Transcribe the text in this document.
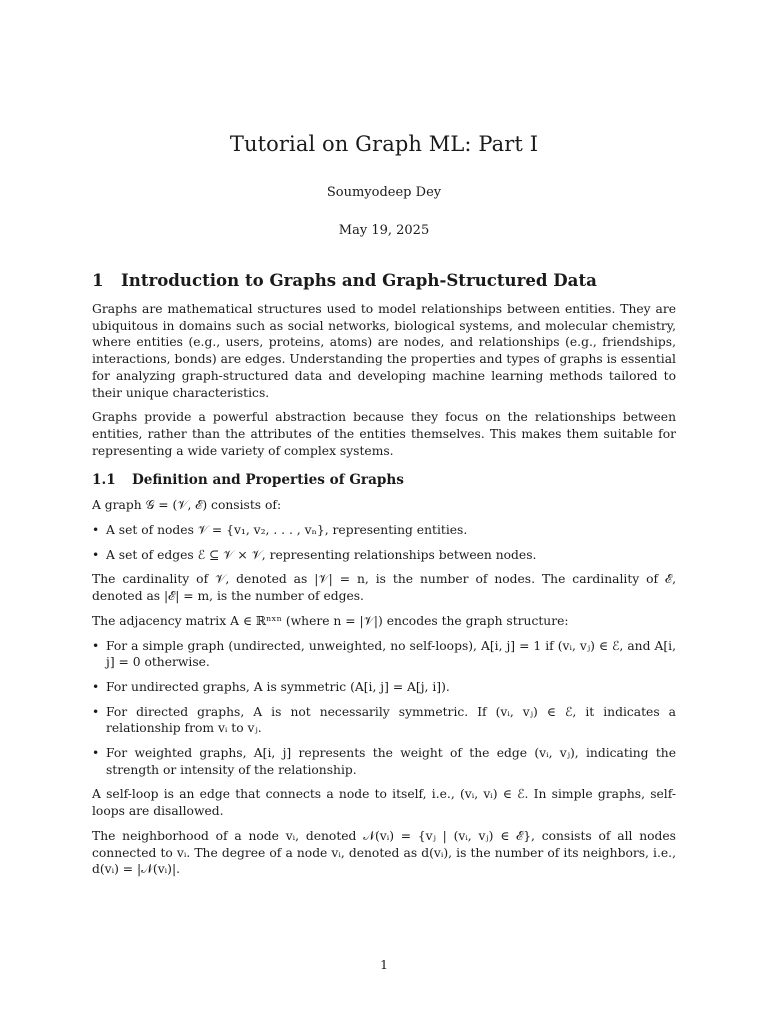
Tutorial on Graph ML: Part I
Soumyodeep Dey
May 19, 2025
1 Introduction to Graphs and Graph-Structured Data

Graphs are mathematical structures used to model relationships between entities. They are ubiquitous in domains such as social networks, biological systems, and molecular chemistry, where entities (e.g., users, proteins, atoms) are nodes, and relationships (e.g., friendships, interactions, bonds) are edges. Understanding the properties and types of graphs is essential for analyzing graph-structured data and developing machine learning methods tailored to their unique characteristics.

Graphs provide a powerful abstraction because they focus on the relationships between entities, rather than the attributes of the entities themselves. This makes them suitable for representing a wide variety of complex systems.

1.1 Definition and Properties of Graphs

A graph 𝒢 = (𝒱, ℰ) consists of:

• A set of nodes 𝒱 = {v₁, v₂, . . . , vₙ}, representing entities.
• A set of edges ℰ ⊆ 𝒱 × 𝒱, representing relationships between nodes.

The cardinality of 𝒱, denoted as |𝒱| = n, is the number of nodes. The cardinality of ℰ, denoted as |ℰ| = m, is the number of edges.

The adjacency matrix A ∈ ℝⁿˣⁿ (where n = |𝒱|) encodes the graph structure:

• For a simple graph (undirected, unweighted, no self-loops), A[i, j] = 1 if (vᵢ, vⱼ) ∈ ℰ, and A[i, j] = 0 otherwise.
• For undirected graphs, A is symmetric (A[i, j] = A[j, i]).
• For directed graphs, A is not necessarily symmetric. If (vᵢ, vⱼ) ∈ ℰ, it indicates a relationship from vᵢ to vⱼ.
• For weighted graphs, A[i, j] represents the weight of the edge (vᵢ, vⱼ), indicating the strength or intensity of the relationship.

A self-loop is an edge that connects a node to itself, i.e., (vᵢ, vᵢ) ∈ ℰ. In simple graphs, self-loops are disallowed.

The neighborhood of a node vᵢ, denoted 𝒩(vᵢ) = {vⱼ | (vᵢ, vⱼ) ∈ ℰ}, consists of all nodes connected to vᵢ. The degree of a node vᵢ, denoted as d(vᵢ), is the number of its neighbors, i.e., d(vᵢ) = |𝒩(vᵢ)|.

1
